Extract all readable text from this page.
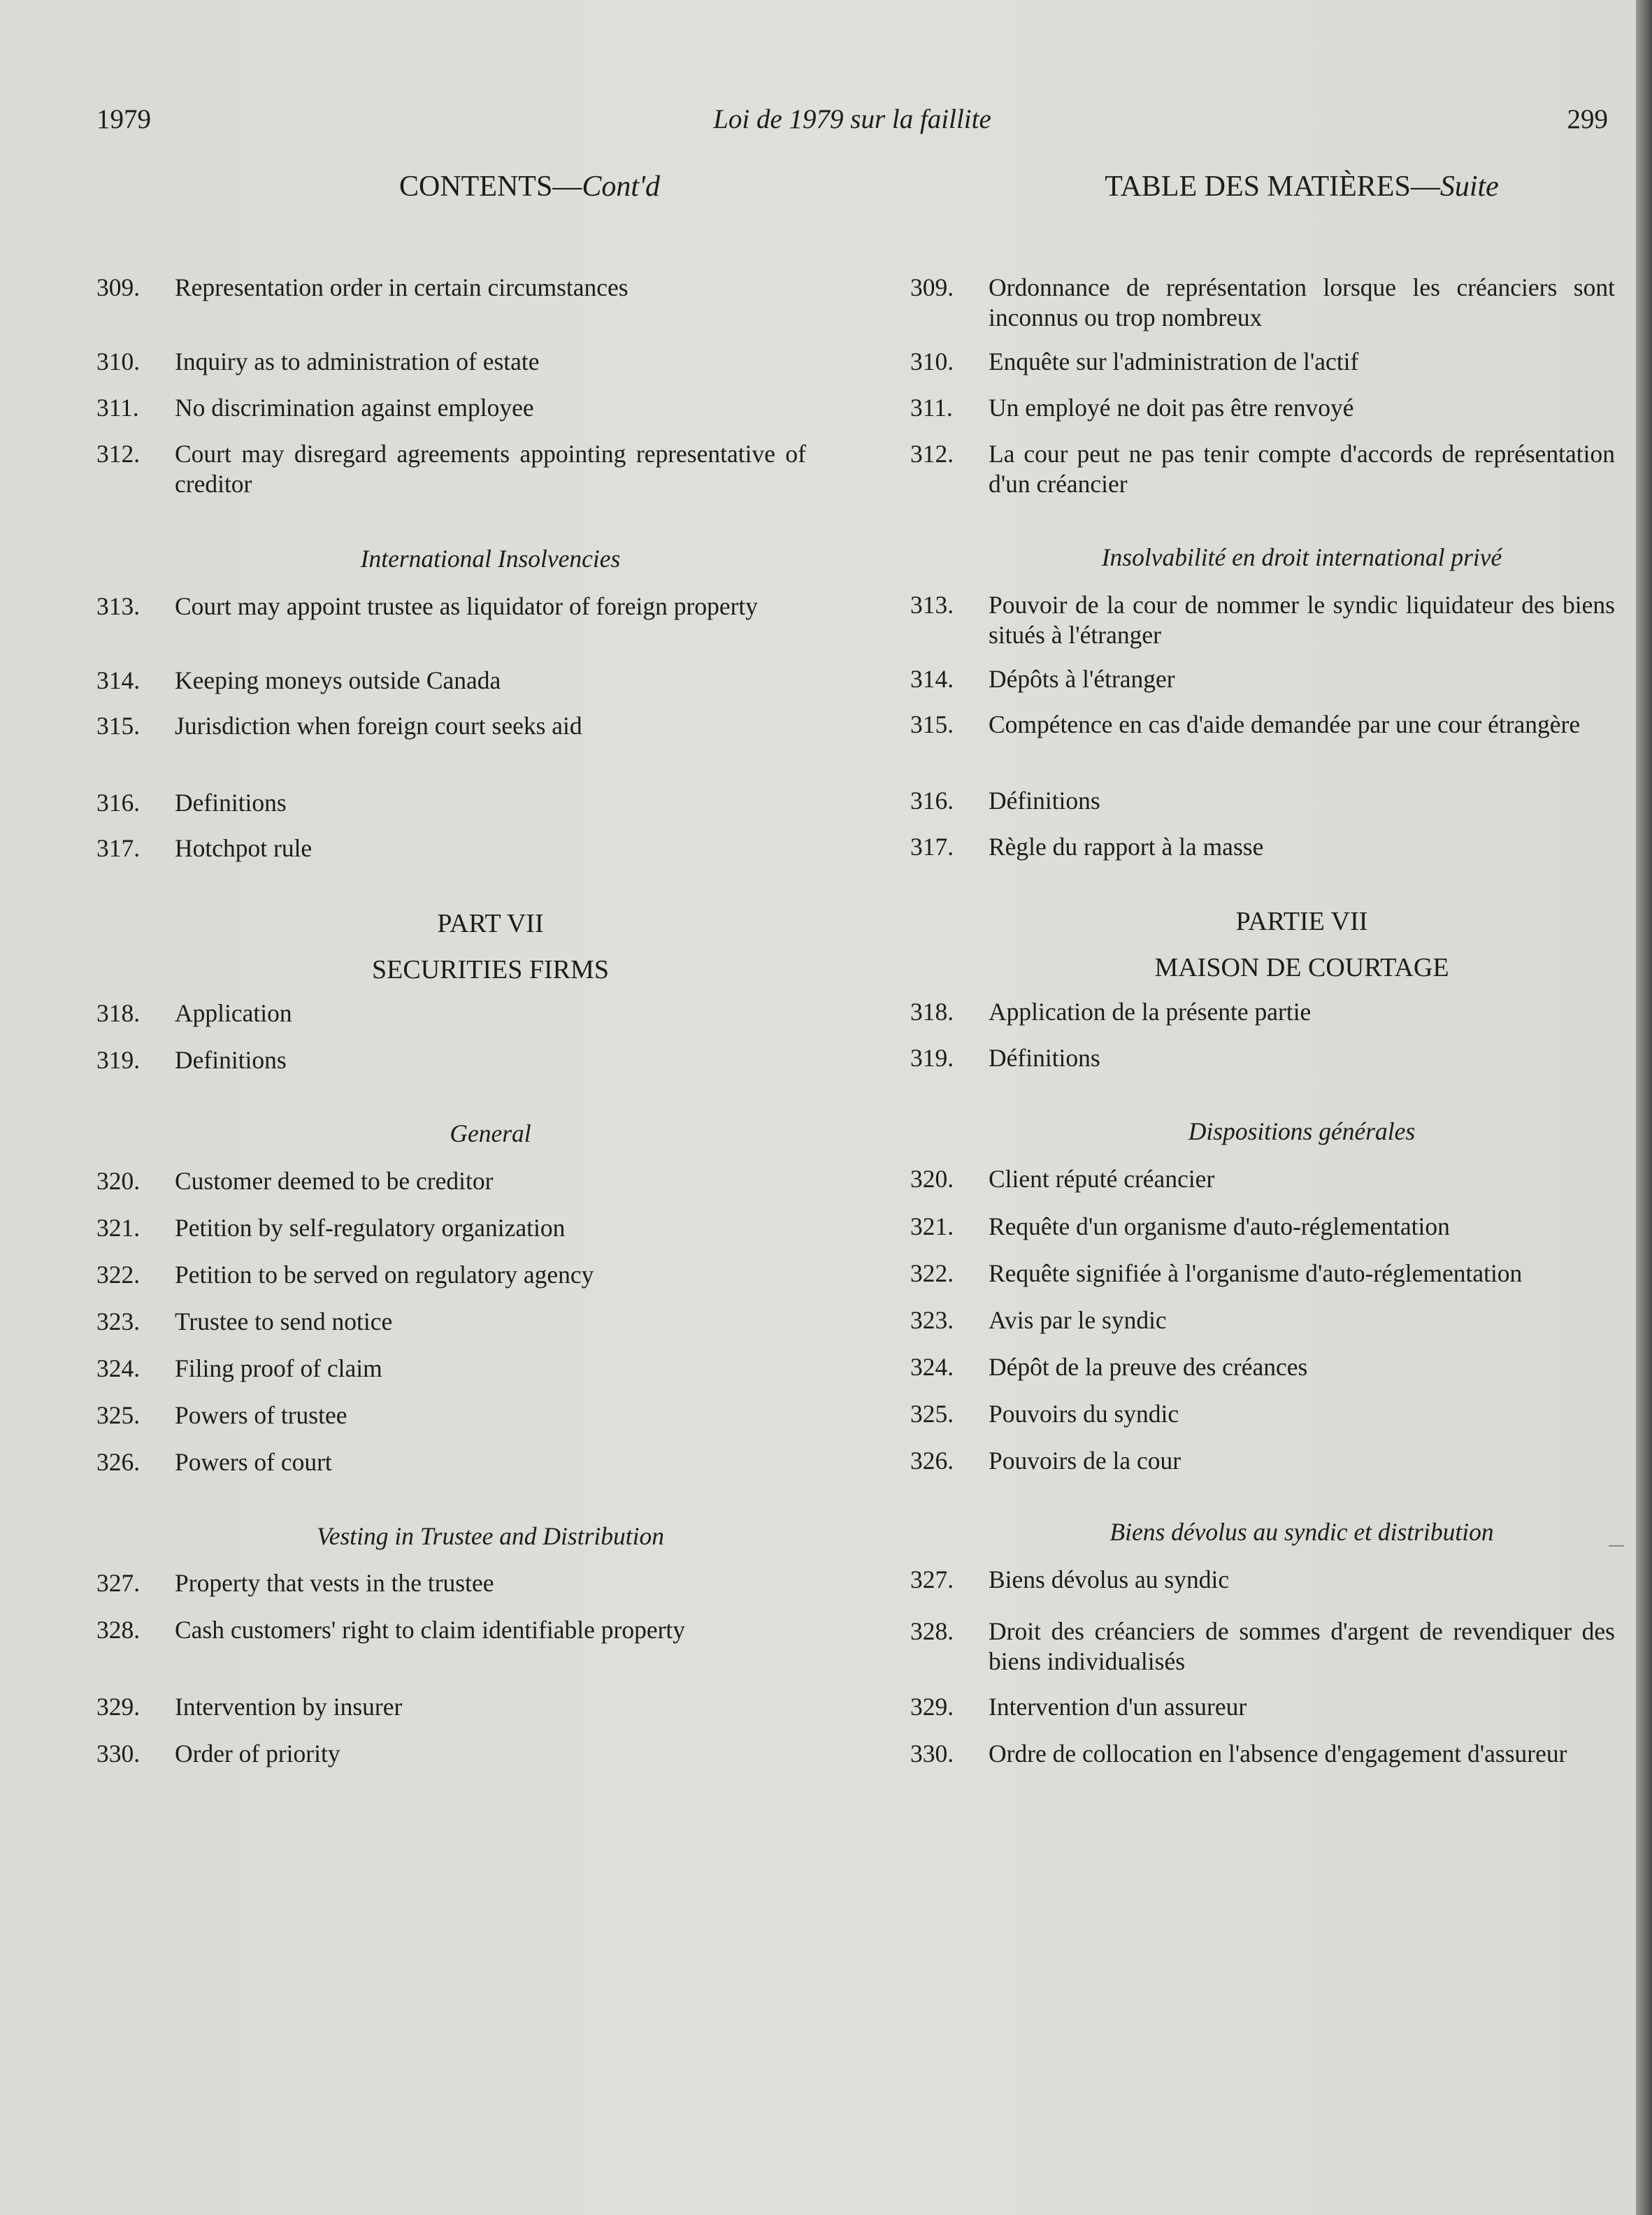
1979	Loi de 1979 sur la faillite	299
CONTENTS—Cont'd	TABLE DES MATIÈRES—Suite
309.	Representation order in certain circumstances
310.	Inquiry as to administration of estate
311.	No discrimination against employee
312.	Court may disregard agreements appointing representative of creditor
International Insolvencies
313.	Court may appoint trustee as liquidator of foreign property
314.	Keeping moneys outside Canada
315.	Jurisdiction when foreign court seeks aid
316.	Definitions
317.	Hotchpot rule
PART VII
SECURITIES FIRMS
318.	Application
319.	Definitions
General
320.	Customer deemed to be creditor
321.	Petition by self-regulatory organization
322.	Petition to be served on regulatory agency
323.	Trustee to send notice
324.	Filing proof of claim
325.	Powers of trustee
326.	Powers of court
Vesting in Trustee and Distribution
327.	Property that vests in the trustee
328.	Cash customers' right to claim identifiable property
329.	Intervention by insurer
330.	Order of priority
309.	Ordonnance de représentation lorsque les créanciers sont inconnus ou trop nombreux
310.	Enquête sur l'administration de l'actif
311.	Un employé ne doit pas être renvoyé
312.	La cour peut ne pas tenir compte d'accords de représentation d'un créancier
Insolvabilité en droit international privé
313.	Pouvoir de la cour de nommer le syndic liquidateur des biens situés à l'étranger
314.	Dépôts à l'étranger
315.	Compétence en cas d'aide demandée par une cour étrangère
316.	Définitions
317.	Règle du rapport à la masse
PARTIE VII
MAISON DE COURTAGE
318.	Application de la présente partie
319.	Définitions
Dispositions générales
320.	Client réputé créancier
321.	Requête d'un organisme d'auto-réglementation
322.	Requête signifiée à l'organisme d'auto-réglementation
323.	Avis par le syndic
324.	Dépôt de la preuve des créances
325.	Pouvoirs du syndic
326.	Pouvoirs de la cour
Biens dévolus au syndic et distribution
327.	Biens dévolus au syndic
328.	Droit des créanciers de sommes d'argent de revendiquer des biens individualisés
329.	Intervention d'un assureur
330.	Ordre de collocation en l'absence d'engagement d'assureur
